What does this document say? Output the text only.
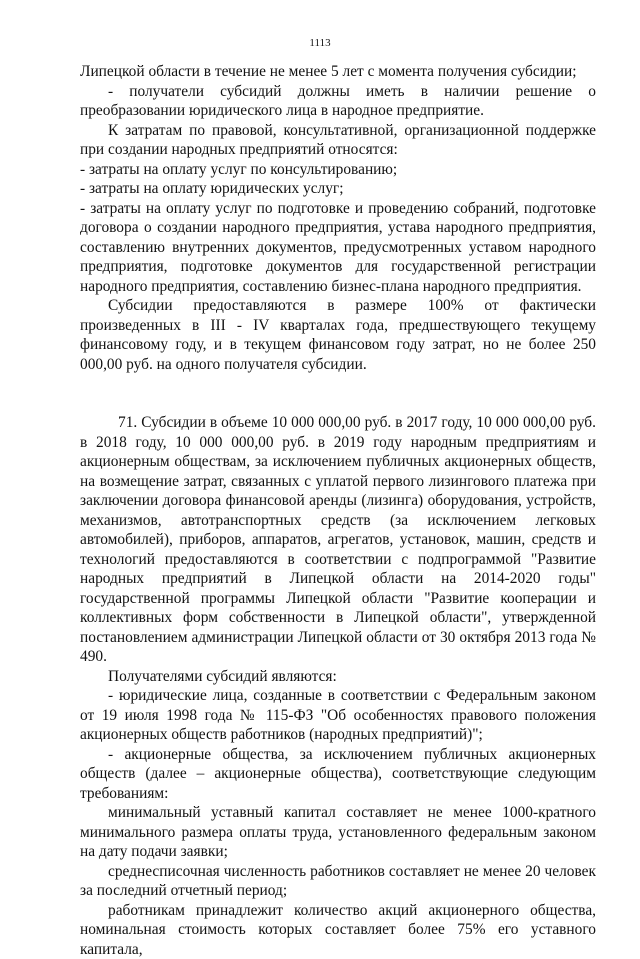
1113

Липецкой области в течение не менее 5 лет с момента получения субсидии;

- получатели субсидий должны иметь в наличии решение о преобразовании юридического лица в народное предприятие.

К затратам по правовой, консультативной, организационной поддержке при создании народных предприятий относятся:

- затраты на оплату услуг по консультированию;

- затраты на оплату юридических услуг;

- затраты на оплату услуг по подготовке и проведению собраний, подготовке договора о создании народного предприятия, устава народного предприятия, составлению внутренних документов, предусмотренных уставом народного предприятия, подготовке документов для государственной регистрации народного предприятия, составлению бизнес-плана народного предприятия.

Субсидии предоставляются в размере 100% от фактически произведенных в III - IV кварталах года, предшествующего текущему финансовому году, и в текущем финансовом году затрат, но не более 250 000,00 руб. на одного получателя субсидии.

71. Субсидии в объеме 10 000 000,00 руб. в 2017 году, 10 000 000,00 руб. в 2018 году, 10 000 000,00 руб. в 2019 году народным предприятиям и акционерным обществам, за исключением публичных акционерных обществ, на возмещение затрат, связанных с уплатой первого лизингового платежа при заключении договора финансовой аренды (лизинга) оборудования, устройств, механизмов, автотранспортных средств (за исключением легковых автомобилей), приборов, аппаратов, агрегатов, установок, машин, средств и технологий предоставляются в соответствии с подпрограммой "Развитие народных предприятий в Липецкой области на 2014-2020 годы" государственной программы Липецкой области "Развитие кооперации и коллективных форм собственности в Липецкой области", утвержденной постановлением администрации Липецкой области от 30 октября 2013 года № 490.

Получателями субсидий являются:

- юридические лица, созданные в соответствии с Федеральным законом от 19 июля 1998 года № 115-ФЗ "Об особенностях правового положения акционерных обществ работников (народных предприятий)";

- акционерные общества, за исключением публичных акционерных обществ (далее – акционерные общества), соответствующие следующим требованиям:

минимальный уставный капитал составляет не менее 1000-кратного минимального размера оплаты труда, установленного федеральным законом на дату подачи заявки;

среднесписочная численность работников составляет не менее 20 человек за последний отчетный период;

работникам принадлежит количество акций акционерного общества, номинальная стоимость которых составляет более 75% его уставного капитала,
